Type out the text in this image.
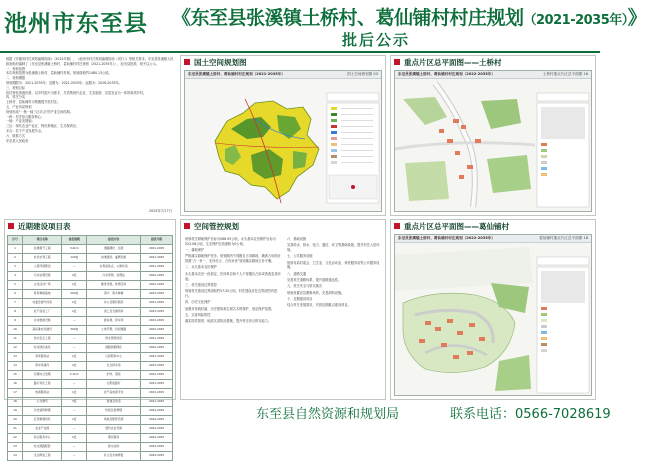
池州市东至县 《东至县张溪镇土桥村、葛仙铺村村庄规划（2021-2035年）》
批后公示
根据《安徽省村庄规划编制指南》（2022年版）、《池州市村庄规划编制指南（试行）》等相关要求，东至县张溪镇人民政府组织编制了《东至县张溪镇土桥村、葛仙铺村村庄规划（2021-2035年）》，经市县批准，现予以公示。
一、规划范围
本次规划范围为张溪镇土桥村、葛仙铺村村域，规划面积约1480.13公顷。
二、规划期限
规划期限为：2021-2035年；近期为：2021-2025年；远期为：2026-2035年。
三、规划目标
依托特色资源优势，以乡村振兴为抓手，打造集现代农业、生态旅游、宜居宜业为一体的和美乡村。
四、村庄分类
土桥村、葛仙铺村为集聚提升类村庄。
五、产业布局规划
规划形成“一核一轴三区多点”的产业空间结构。
一核：村庄综合服务核心；
一轴：产业发展轴；
三区：现代农业产业区、特色种植区、生态保育区；
多点：若干产业发展节点。
六、联系方式
东至县人民政府
2025年7月7日
近期建设项目表
序号	项目名称	建设规模	建设内容	建设年限
1	村道提升工程	3.2km	道路硬化、拓宽	2021-2025
2	农田水利工程	120亩	沟渠清淤、灌溉设施	2021-2025
3	人居环境整治	—	垃圾收集点、公厕改造	2021-2025
4	污水处理设施	2处	污水管网、处理站	2022-2025
5	文化活动广场	1处	健身设施、休憩空间	2022-2025
6	特色种植基地	200亩	茶叶、果木种植	2023-2025
7	村委会提升改造	1处	办公及便民服务	2021-2025
8	农产品加工厂	1处	加工及仓储用房	2023-2025
9	乡村旅游设施	—	游步道、停车场	2023-2025
10	高标准农田建设	300亩	土地平整、田间道路	2022-2025
11	饮水安全工程	—	供水管网改造	2021-2025
12	村庄绿化美化	—	道路两侧绿化	2022-2025
13	养老服务站	1处	日间照料中心	2023-2025
14	停车场建设	2处	生态停车场	2023-2025
15	河道综合治理	2.1km	护岸、清淤	2022-2025
16	路灯亮化工程	—	太阳能路灯	2021-2025
17	电商服务站	1处	农产品电商平台	2023-2025
18	公共厕所	3座	新建及改造	2021-2025
19	历史建筑修缮	—	传统民居修缮	2024-2025
20	应急避难场所	1处	场地及配套设施	2024-2025
21	农业产业园	—	现代农业设施	2024-2025
22	综合服务中心	1处	便民服务	2024-2025
23	村庄道路配套	—	排水边沟	2024-2025
24	生态修复工程	—	矿山及水体修复	2024-2025
国土空间规划图
东至县张溪镇土桥村、葛仙铺村村庄规划（2021-2035年）	国土空间规划图 03
空间管控规划
规划村庄耕地保护目标为568.93公顷，永久基本农田保护目标为523.08公顷，生态保护红线面积为0公顷。
一、耕地保护
严格落实耕地保护任务，规划期内不得擅自占用耕地，确需占用的应按照“占一补一、先补后占、占优补优”原则落实耕地占补平衡。
二、永久基本农田保护
永久基本农田一经划定，任何单位和个人不得擅自占用或者改变其用途。
三、村庄建设边界管控
规划村庄建设边界面积约37.52公顷，村庄建设应在边界范围内进行。
四、历史文化保护
加强对传统村落、历史建筑和古树名木的保护，划定保护范围。
五、灾害风险防控
落实防洪排涝、地质灾害防治措施，提升村庄综合防灾能力。
六、基础设施
完善给水、排水、电力、通信、环卫等基础设施，提升村庄人居环境。
七、公共服务设施
规划布局村委会、卫生室、文化活动室、养老服务站等公共服务设施。
八、道路交通
完善村庄道路体系，提升道路通达性。
九、村庄安全与防灾减灾
规划设置应急避难场所，完善消防设施。
十、近期建设项目
结合村庄发展需求，安排近期重点建设项目。
重点片区总平面图——土桥村
东至县张溪镇土桥村、葛仙铺村村庄规划（2022-2035年）	土桥村重点片区总平面图 16
重点片区总平面图——葛仙铺村
东至县张溪镇土桥村、葛仙铺村村庄规划（2022-2035年）	葛仙铺村重点片区总平面图 18
东至县自然资源和规划局	联系电话：0566-7028619
